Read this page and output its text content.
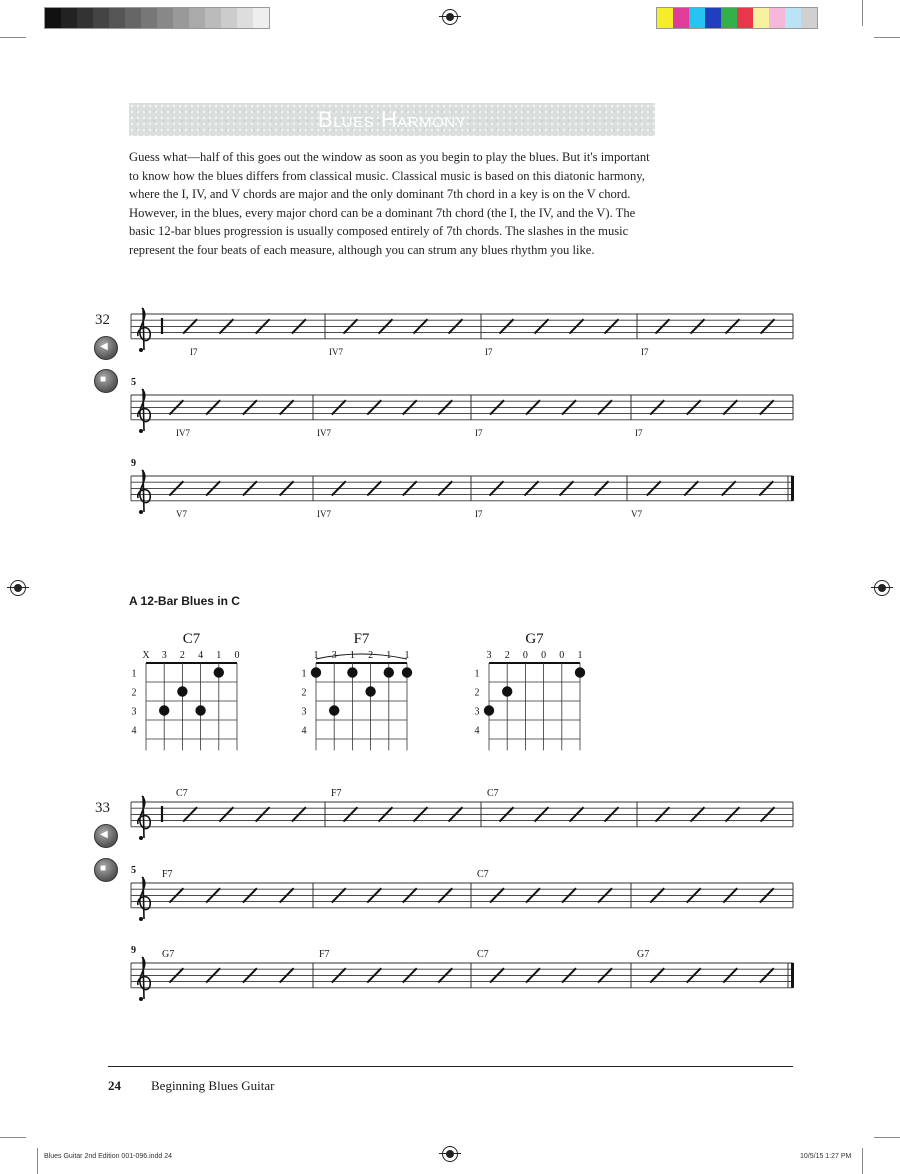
Blues Harmony

Guess what—half of this goes out the window as soon as you begin to play the blues. But it's important to know how the blues differs from classical music. Classical music is based on this diatonic harmony, where the I, IV, and V chords are major and the only dominant 7th chord in a key is on the V chord. However, in the blues, every major chord can be a dominant 7th chord (the I, the IV, and the V). The basic 12-bar blues progression is usually composed entirely of 7th chords. The slashes in the music represent the four beats of each measure, although you can strum any blues rhythm you like.

32
◀
■
I7	IV7	I7	I7
IV7	IV7	I7	I7
5
V7	IV7	I7	V7
9
A 12-Bar Blues in C
C7
X 3 2 4 1 0
1
2
3
4
F7
1 3 1 2 1 1
1
2
3
4
G7
3 2 0 0 0 1
1
2
3
4
33
◀
■
C7	F7	C7
F7	C7
5
G7	F7	C7	G7
9
24 Beginning Blues Guitar
Blues Guitar 2nd Edition 001-096.indd 24	10/5/15 1:27 PM
